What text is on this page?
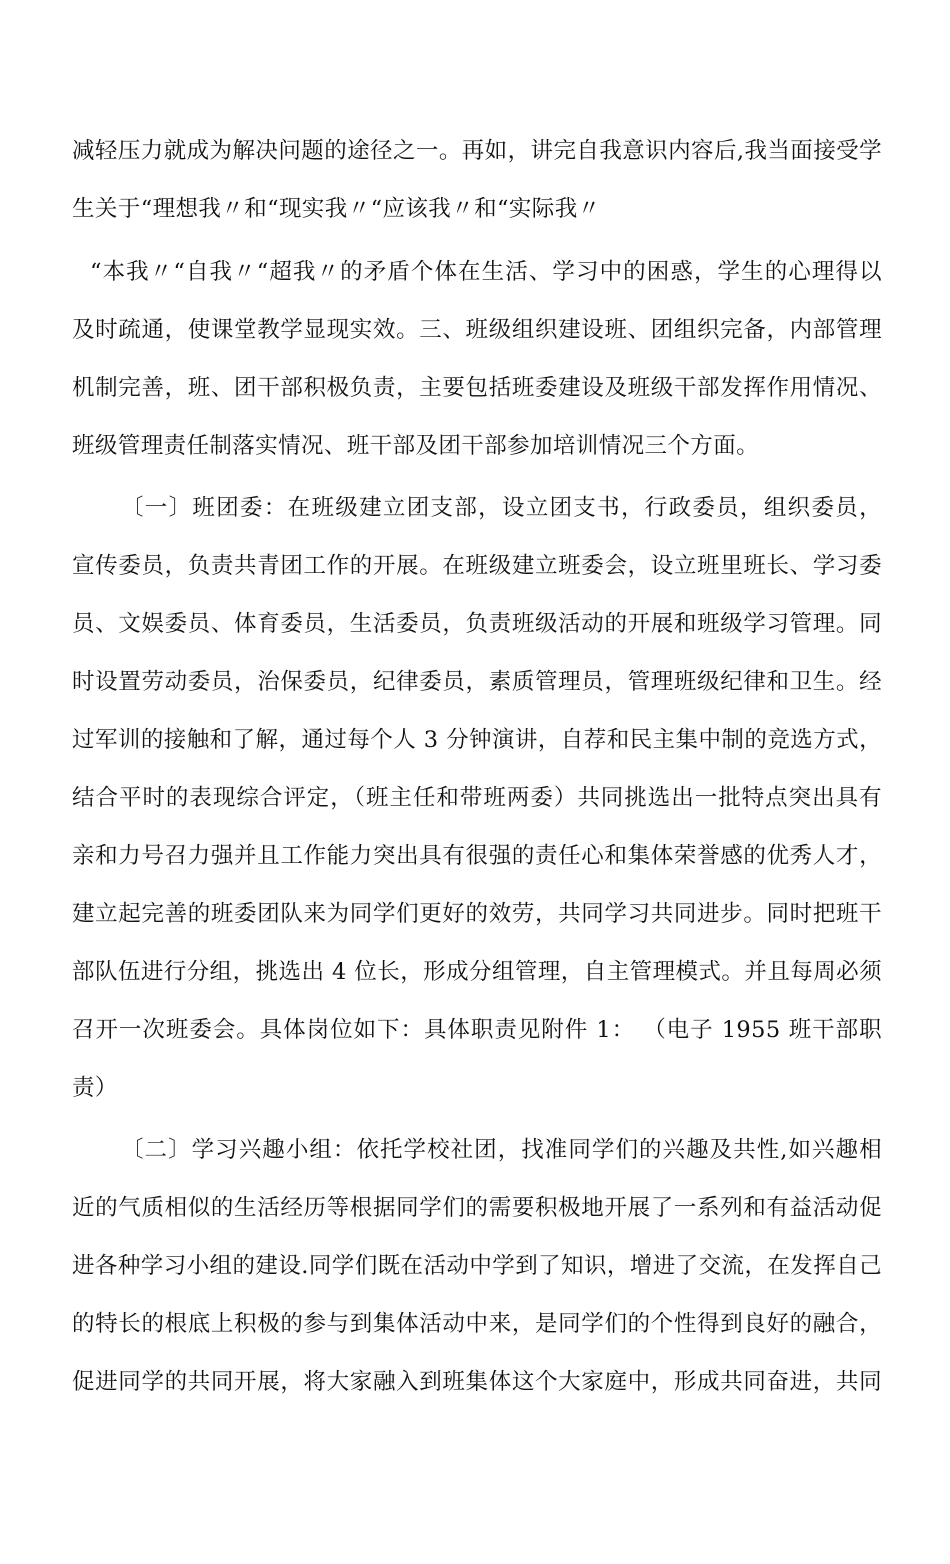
减轻压力就成为解决问题的途径之一。再如，讲完自我意识内容后,我当面接受学
生关于“理想我〃和“现实我〃“应该我〃和“实际我〃
“本我〃“自我〃“超我〃的矛盾个体在生活、学习中的困惑，学生的心理得以
及时疏通，使课堂教学显现实效。三、班级组织建设班、团组织完备，内部管理
机制完善，班、团干部积极负责，主要包括班委建设及班级干部发挥作用情况、
班级管理责任制落实情况、班干部及团干部参加培训情况三个方面。
〔一〕班团委：在班级建立团支部，设立团支书，行政委员，组织委员，
宣传委员，负责共青团工作的开展。在班级建立班委会，设立班里班长、学习委
员、文娱委员、体育委员，生活委员，负责班级活动的开展和班级学习管理。同
时设置劳动委员，治保委员，纪律委员，素质管理员，管理班级纪律和卫生。经
过军训的接触和了解，通过每个人 3 分钟演讲，自荐和民主集中制的竞选方式，
结合平时的表现综合评定，（班主任和带班两委）共同挑选出一批特点突出具有
亲和力号召力强并且工作能力突出具有很强的责任心和集体荣誉感的优秀人才，
建立起完善的班委团队来为同学们更好的效劳，共同学习共同进步。同时把班干
部队伍进行分组，挑选出 4 位长，形成分组管理，自主管理模式。并且每周必须
召开一次班委会。具体岗位如下：具体职责见附件 1： （电子 1955 班干部职
责）
〔二〕学习兴趣小组：依托学校社团，找准同学们的兴趣及共性,如兴趣相
近的气质相似的生活经历等根据同学们的需要积极地开展了一系列和有益活动促
进各种学习小组的建设.同学们既在活动中学到了知识，增进了交流，在发挥自己
的特长的根底上积极的参与到集体活动中来，是同学们的个性得到良好的融合，
促进同学的共同开展，将大家融入到班集体这个大家庭中，形成共同奋进，共同
